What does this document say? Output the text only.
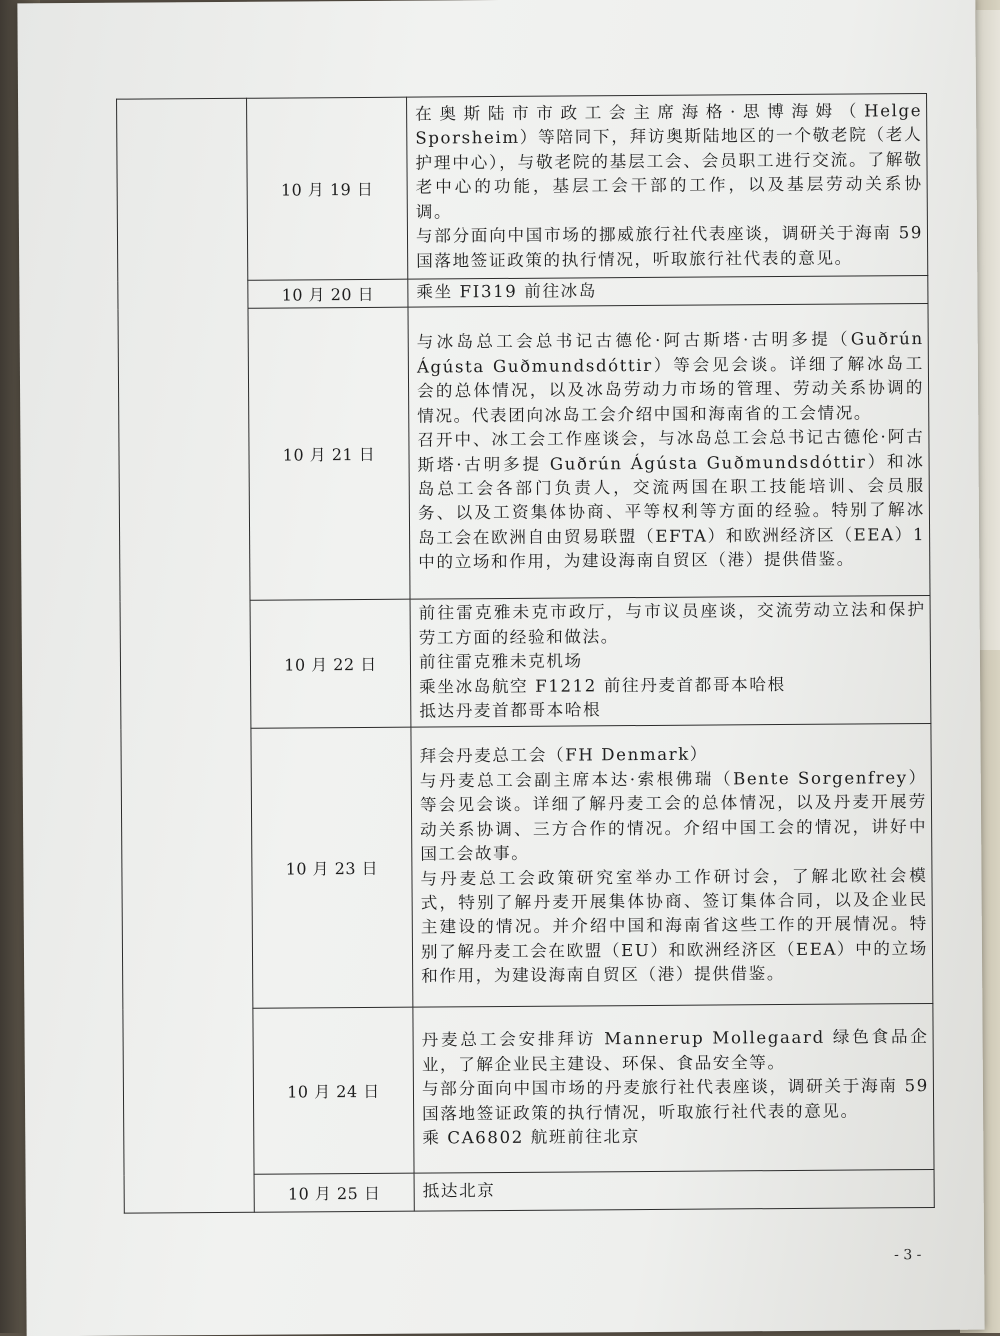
	10 月 19 日	在奥斯陆市市政工会主席海格·思博海姆（Helge Sporsheim）等陪同下，拜访奥斯陆地区的一个敬老院（老人护理中心），与敬老院的基层工会、会员职工进行交流。了解敬老中心的功能，基层工会干部的工作，以及基层劳动关系协调。

与部分面向中国市场的挪威旅行社代表座谈，调研关于海南 59 国落地签证政策的执行情况，听取旅行社代表的意见。

	10 月 20 日	乘坐 FI319 前往冰岛

	10 月 21 日	与冰岛总工会总书记古德伦·阿古斯塔·古明多提（Guðrún Ágústa Guðmundsdóttir）等会见会谈。详细了解冰岛工会的总体情况，以及冰岛劳动力市场的管理、劳动关系协调的情况。代表团向冰岛工会介绍中国和海南省的工会情况。

召开中、冰工会工作座谈会，与冰岛总工会总书记古德伦·阿古斯塔·古明多提 Guðrún Ágústa Guðmundsdóttir）和冰岛总工会各部门负责人，交流两国在职工技能培训、会员服务、以及工资集体协商、平等权利等方面的经验。特别了解冰岛工会在欧洲自由贸易联盟（EFTA）和欧洲经济区（EEA）1 中的立场和作用，为建设海南自贸区（港）提供借鉴。

	10 月 22 日	前往雷克雅未克市政厅，与市议员座谈，交流劳动立法和保护劳工方面的经验和做法。

前往雷克雅未克机场

乘坐冰岛航空 F1212 前往丹麦首都哥本哈根

抵达丹麦首都哥本哈根

	10 月 23 日	拜会丹麦总工会（FH Denmark）

与丹麦总工会副主席本达·索根佛瑞（Bente Sorgenfrey）等会见会谈。详细了解丹麦工会的总体情况，以及丹麦开展劳动关系协调、三方合作的情况。介绍中国工会的情况，讲好中国工会故事。

与丹麦总工会政策研究室举办工作研讨会，了解北欧社会模式，特别了解丹麦开展集体协商、签订集体合同，以及企业民主建设的情况。并介绍中国和海南省这些工作的开展情况。特别了解丹麦工会在欧盟（EU）和欧洲经济区（EEA）中的立场和作用，为建设海南自贸区（港）提供借鉴。

	10 月 24 日	丹麦总工会安排拜访 Mannerup Mollegaard 绿色食品企业，了解企业民主建设、环保、食品安全等。

与部分面向中国市场的丹麦旅行社代表座谈，调研关于海南 59 国落地签证政策的执行情况，听取旅行社代表的意见。

乘 CA6802 航班前往北京

	10 月 25 日	抵达北京

- 3 -
